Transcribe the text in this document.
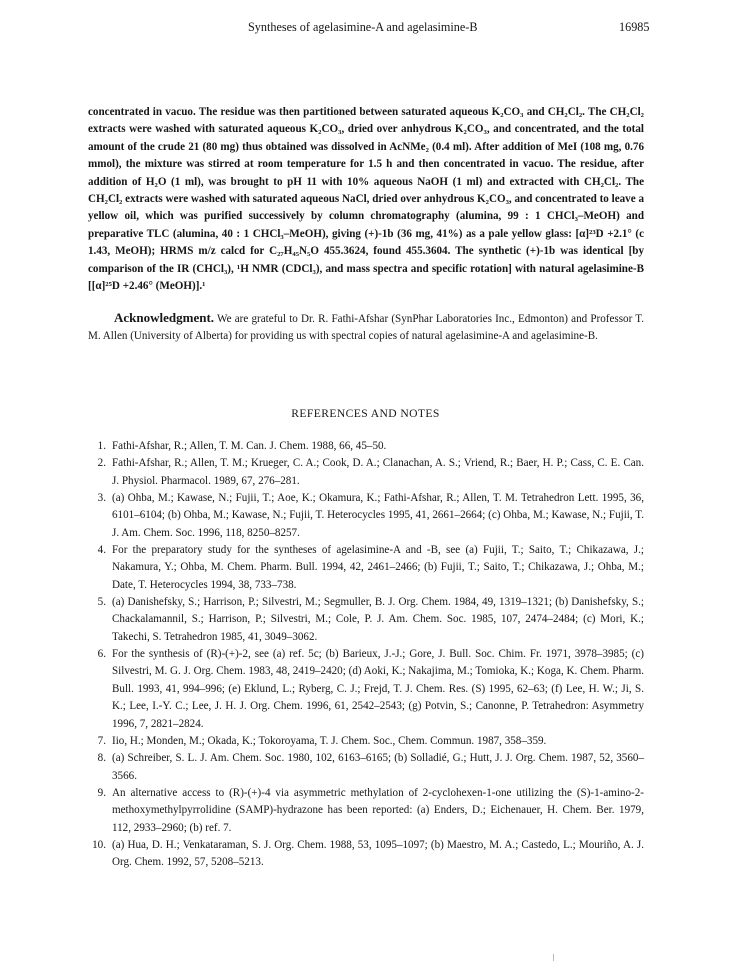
Syntheses of agelasimine-A and agelasimine-B	16985
concentrated in vacuo. The residue was then partitioned between saturated aqueous K₂CO₃ and CH₂Cl₂. The CH₂Cl₂ extracts were washed with saturated aqueous K₂CO₃, dried over anhydrous K₂CO₃, and concentrated, and the total amount of the crude 21 (80 mg) thus obtained was dissolved in AcNMe₂ (0.4 ml). After addition of MeI (108 mg, 0.76 mmol), the mixture was stirred at room temperature for 1.5 h and then concentrated in vacuo. The residue, after addition of H₂O (1 ml), was brought to pH 11 with 10% aqueous NaOH (1 ml) and extracted with CH₂Cl₂. The CH₂Cl₂ extracts were washed with saturated aqueous NaCl, dried over anhydrous K₂CO₃, and concentrated to leave a yellow oil, which was purified successively by column chromatography (alumina, 99 : 1 CHCl₃–MeOH) and preparative TLC (alumina, 40 : 1 CHCl₃–MeOH), giving (+)-1b (36 mg, 41%) as a pale yellow glass: [α]²³D +2.1° (c 1.43, MeOH); HRMS m/z calcd for C₂₇H₄₅N₅O 455.3624, found 455.3604. The synthetic (+)-1b was identical [by comparison of the IR (CHCl₃), ¹H NMR (CDCl₃), and mass spectra and specific rotation] with natural agelasimine-B [[α]²⁵D +2.46° (MeOH)].¹
Acknowledgment. We are grateful to Dr. R. Fathi-Afshar (SynPhar Laboratories Inc., Edmonton) and Professor T. M. Allen (University of Alberta) for providing us with spectral copies of natural agelasimine-A and agelasimine-B.
REFERENCES AND NOTES
1. Fathi-Afshar, R.; Allen, T. M. Can. J. Chem. 1988, 66, 45–50.
2. Fathi-Afshar, R.; Allen, T. M.; Krueger, C. A.; Cook, D. A.; Clanachan, A. S.; Vriend, R.; Baer, H. P.; Cass, C. E. Can. J. Physiol. Pharmacol. 1989, 67, 276–281.
3. (a) Ohba, M.; Kawase, N.; Fujii, T.; Aoe, K.; Okamura, K.; Fathi-Afshar, R.; Allen, T. M. Tetrahedron Lett. 1995, 36, 6101–6104; (b) Ohba, M.; Kawase, N.; Fujii, T. Heterocycles 1995, 41, 2661–2664; (c) Ohba, M.; Kawase, N.; Fujii, T. J. Am. Chem. Soc. 1996, 118, 8250–8257.
4. For the preparatory study for the syntheses of agelasimine-A and -B, see (a) Fujii, T.; Saito, T.; Chikazawa, J.; Nakamura, Y.; Ohba, M. Chem. Pharm. Bull. 1994, 42, 2461–2466; (b) Fujii, T.; Saito, T.; Chikazawa, J.; Ohba, M.; Date, T. Heterocycles 1994, 38, 733–738.
5. (a) Danishefsky, S.; Harrison, P.; Silvestri, M.; Segmuller, B. J. Org. Chem. 1984, 49, 1319–1321; (b) Danishefsky, S.; Chackalamannil, S.; Harrison, P.; Silvestri, M.; Cole, P. J. Am. Chem. Soc. 1985, 107, 2474–2484; (c) Mori, K.; Takechi, S. Tetrahedron 1985, 41, 3049–3062.
6. For the synthesis of (R)-(+)-2, see (a) ref. 5c; (b) Barieux, J.-J.; Gore, J. Bull. Soc. Chim. Fr. 1971, 3978–3985; (c) Silvestri, M. G. J. Org. Chem. 1983, 48, 2419–2420; (d) Aoki, K.; Nakajima, M.; Tomioka, K.; Koga, K. Chem. Pharm. Bull. 1993, 41, 994–996; (e) Eklund, L.; Ryberg, C. J.; Frejd, T. J. Chem. Res. (S) 1995, 62–63; (f) Lee, H. W.; Ji, S. K.; Lee, I.-Y. C.; Lee, J. H. J. Org. Chem. 1996, 61, 2542–2543; (g) Potvin, S.; Canonne, P. Tetrahedron: Asymmetry 1996, 7, 2821–2824.
7. Iio, H.; Monden, M.; Okada, K.; Tokoroyama, T. J. Chem. Soc., Chem. Commun. 1987, 358–359.
8. (a) Schreiber, S. L. J. Am. Chem. Soc. 1980, 102, 6163–6165; (b) Solladié, G.; Hutt, J. J. Org. Chem. 1987, 52, 3560–3566.
9. An alternative access to (R)-(+)-4 via asymmetric methylation of 2-cyclohexen-1-one utilizing the (S)-1-amino-2-methoxymethylpyrrolidine (SAMP)-hydrazone has been reported: (a) Enders, D.; Eichenauer, H. Chem. Ber. 1979, 112, 2933–2960; (b) ref. 7.
10. (a) Hua, D. H.; Venkataraman, S. J. Org. Chem. 1988, 53, 1095–1097; (b) Maestro, M. A.; Castedo, L.; Mouriño, A. J. Org. Chem. 1992, 57, 5208–5213.
